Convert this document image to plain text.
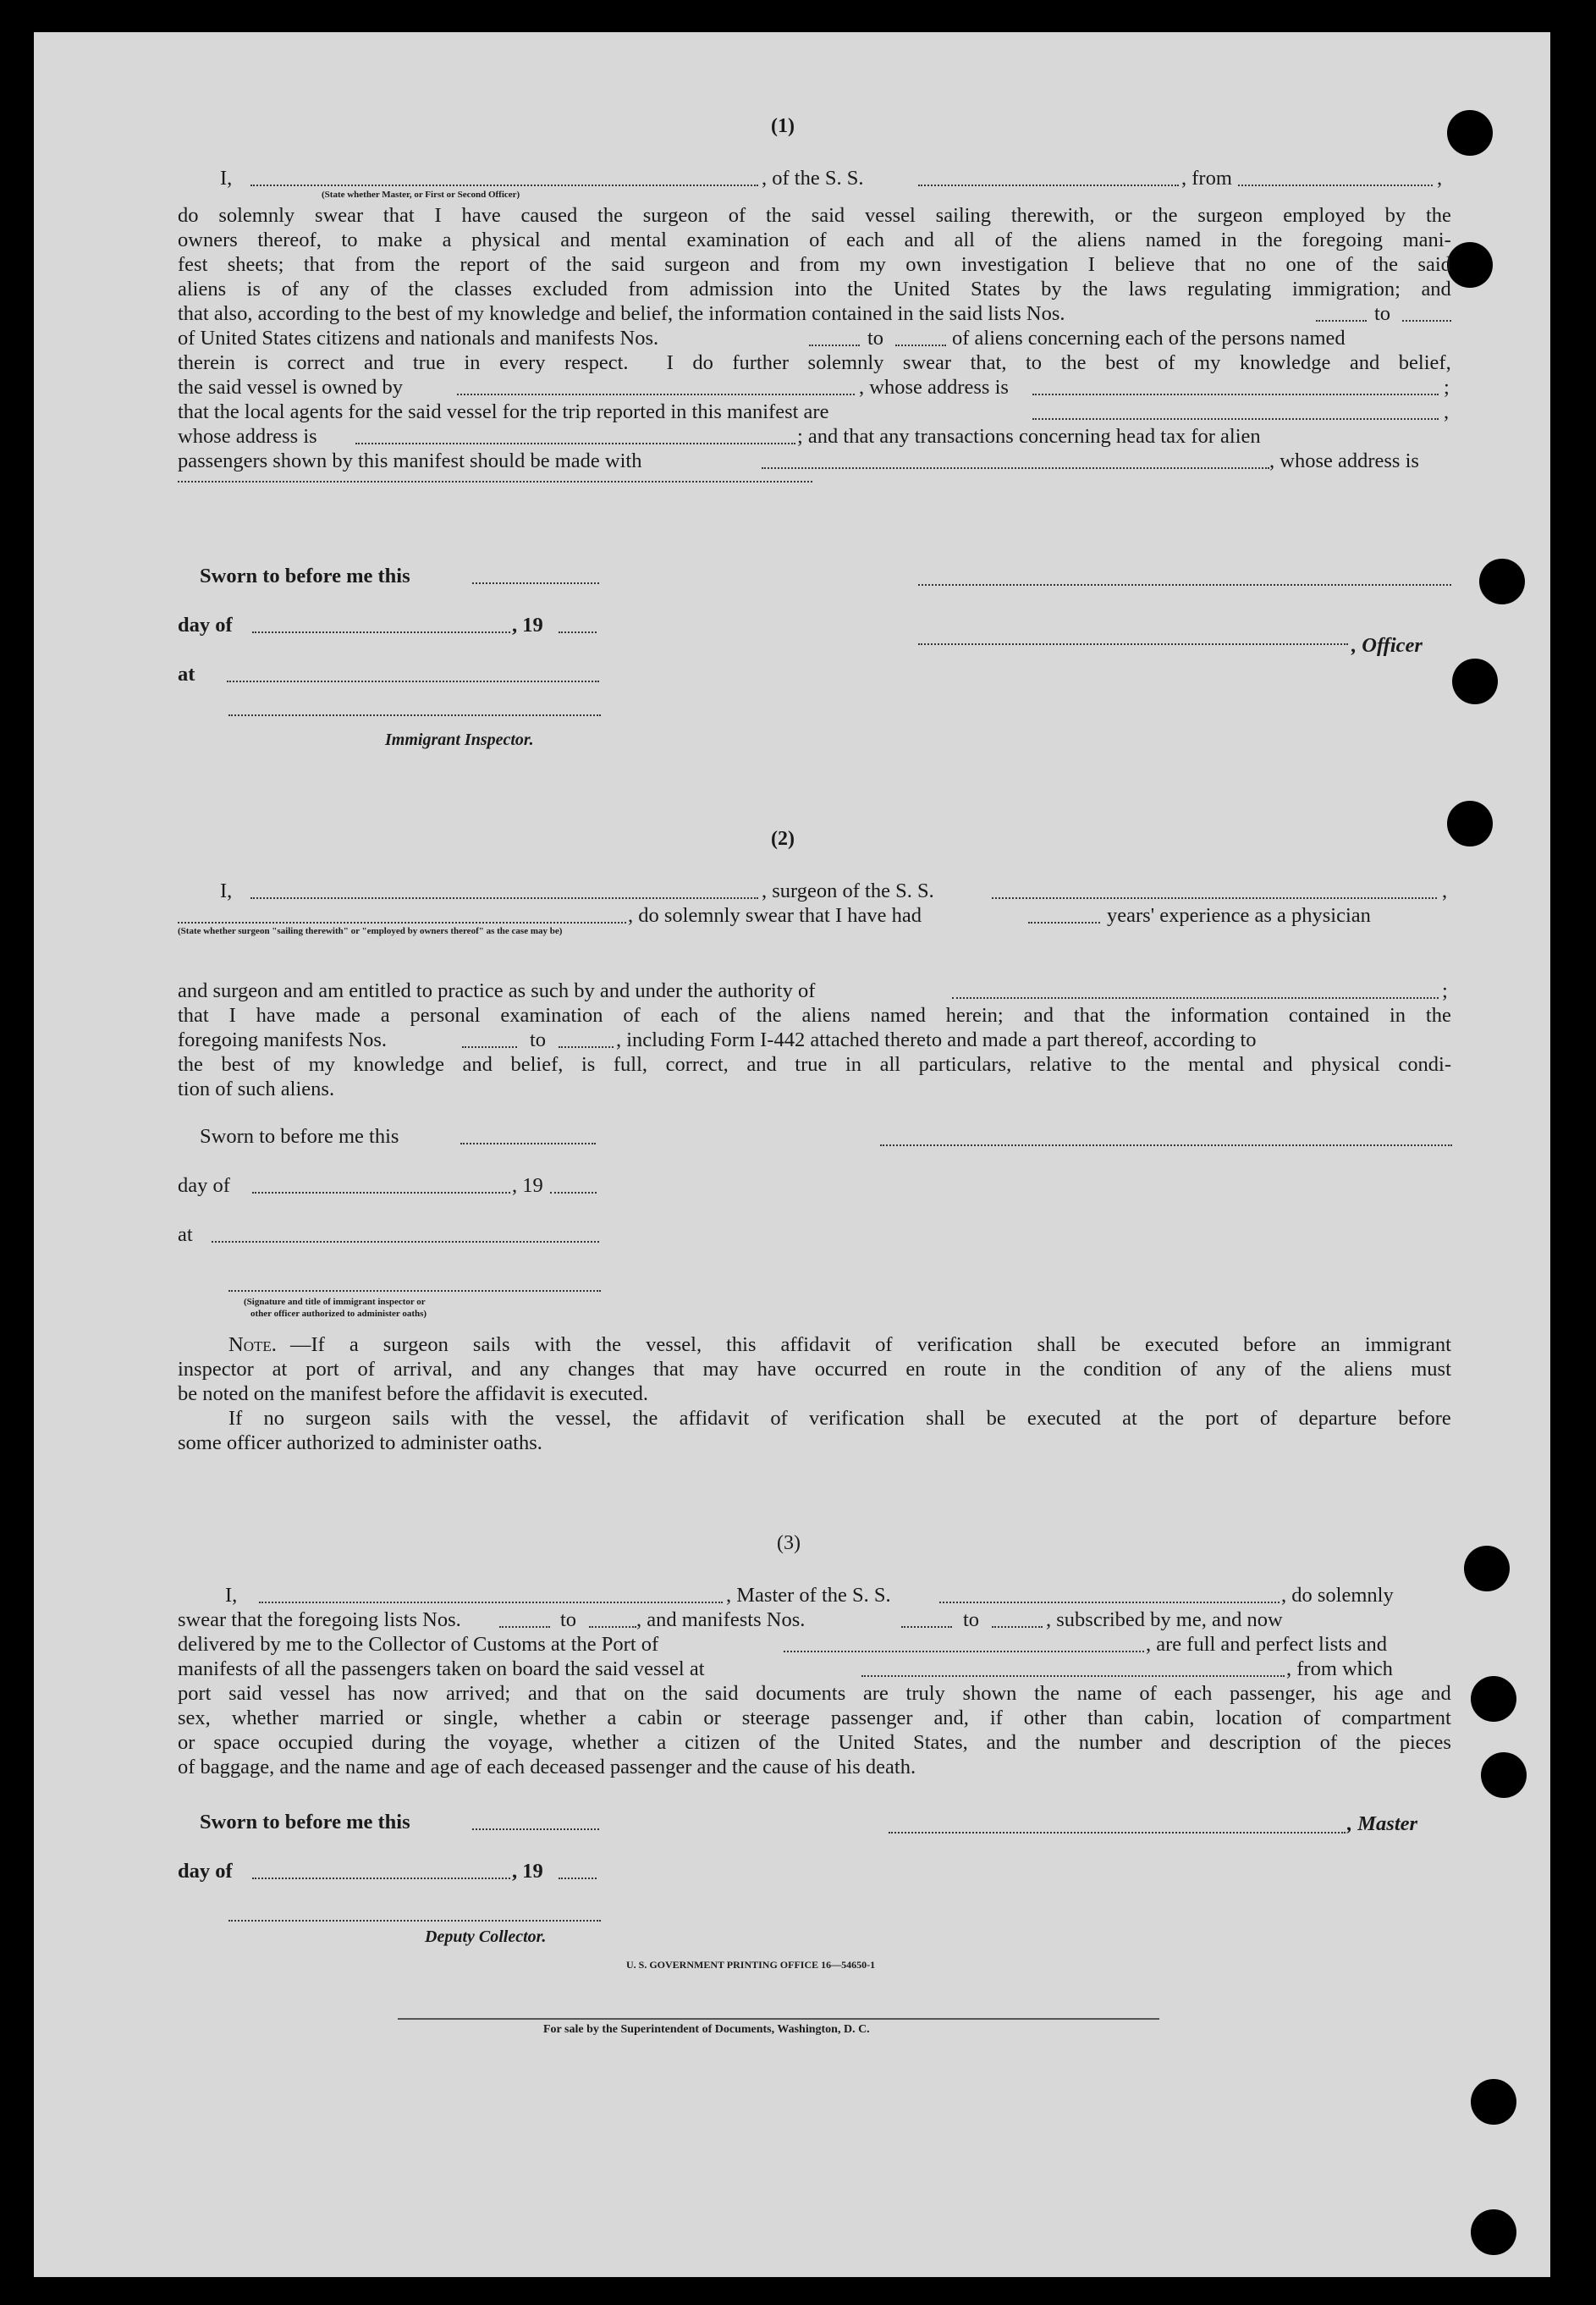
(1)
I,	, of the S. S.	, from	,
(State whether Master, or First or Second Officer)
do solemnly swear that I have caused the surgeon of the said vessel sailing therewith, or the surgeon employed by the
owners thereof, to make a physical and mental examination of each and all of the aliens named in the foregoing mani-
fest sheets; that from the report of the said surgeon and from my own investigation I believe that no one of the said
aliens is of any of the classes excluded from admission into the United States by the laws regulating immigration; and
that also, according to the best of my knowledge and belief, the information contained in the said lists Nos.	to
of United States citizens and nationals and manifests Nos.	to	of aliens concerning each of the persons named
therein is correct and true in every respect. I do further solemnly swear that, to the best of my knowledge and belief,
the said vessel is owned by	, whose address is	;
that the local agents for the said vessel for the trip reported in this manifest are	,
whose address is	; and that any transactions concerning head tax for alien
passengers shown by this manifest should be made with	, whose address is
Sworn to before me this
day of	, 19
, Officer
at
Immigrant Inspector.
(2)
I,	, surgeon of the S. S.	,
, do solemnly swear that I have had	years' experience as a physician
(State whether surgeon "sailing therewith" or "employed by owners thereof" as the case may be)
and surgeon and am entitled to practice as such by and under the authority of	;
that I have made a personal examination of each of the aliens named herein; and that the information contained in the
foregoing manifests Nos.	to	, including Form I-442 attached thereto and made a part thereof, according to
the best of my knowledge and belief, is full, correct, and true in all particulars, relative to the mental and physical condi-
tion of such aliens.
Sworn to before me this
day of	, 19
at
(Signature and title of immigrant inspector or
other officer authorized to administer oaths)
Note. —If a surgeon sails with the vessel, this affidavit of verification shall be executed before an immigrant
inspector at port of arrival, and any changes that may have occurred en route in the condition of any of the aliens must
be noted on the manifest before the affidavit is executed.
If no surgeon sails with the vessel, the affidavit of verification shall be executed at the port of departure before
some officer authorized to administer oaths.
(3)
I,	, Master of the S. S.	, do solemnly
swear that the foregoing lists Nos.	to	, and manifests Nos.	to	, subscribed by me, and now
delivered by me to the Collector of Customs at the Port of	, are full and perfect lists and
manifests of all the passengers taken on board the said vessel at	, from which
port said vessel has now arrived; and that on the said documents are truly shown the name of each passenger, his age and
sex, whether married or single, whether a cabin or steerage passenger and, if other than cabin, location of compartment
or space occupied during the voyage, whether a citizen of the United States, and the number and description of the pieces
of baggage, and the name and age of each deceased passenger and the cause of his death.
Sworn to before me this	, Master
day of	, 19
Deputy Collector.
U. S. GOVERNMENT PRINTING OFFICE 16—54650-1
For sale by the Superintendent of Documents, Washington, D. C.
